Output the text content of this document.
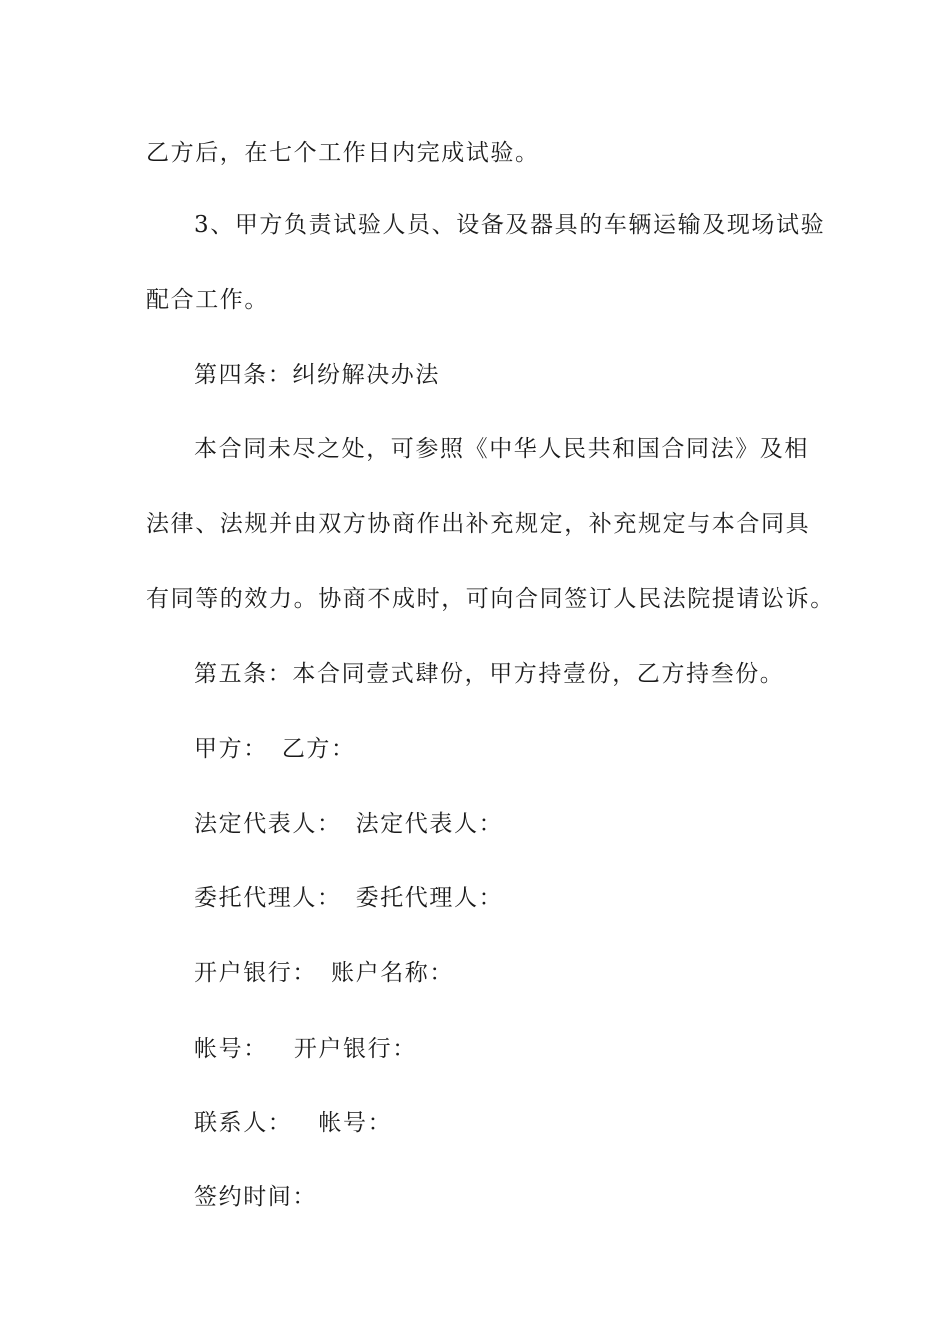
乙方后，在七个工作日内完成试验。
3、甲方负责试验人员、设备及器具的车辆运输及现场试验
配合工作。
第四条：纠纷解决办法
本合同未尽之处，可参照《中华人民共和国合同法》及相
法律、法规并由双方协商作出补充规定，补充规定与本合同具
有同等的效力。协商不成时，可向合同签订人民法院提请讼诉。
第五条：本合同壹式肆份，甲方持壹份，乙方持叁份。
甲方： 乙方：
法定代表人： 法定代表人：
委托代理人： 委托代理人：
开户银行： 账户名称：
帐号： 开户银行：
联系人： 帐号：
签约时间：
